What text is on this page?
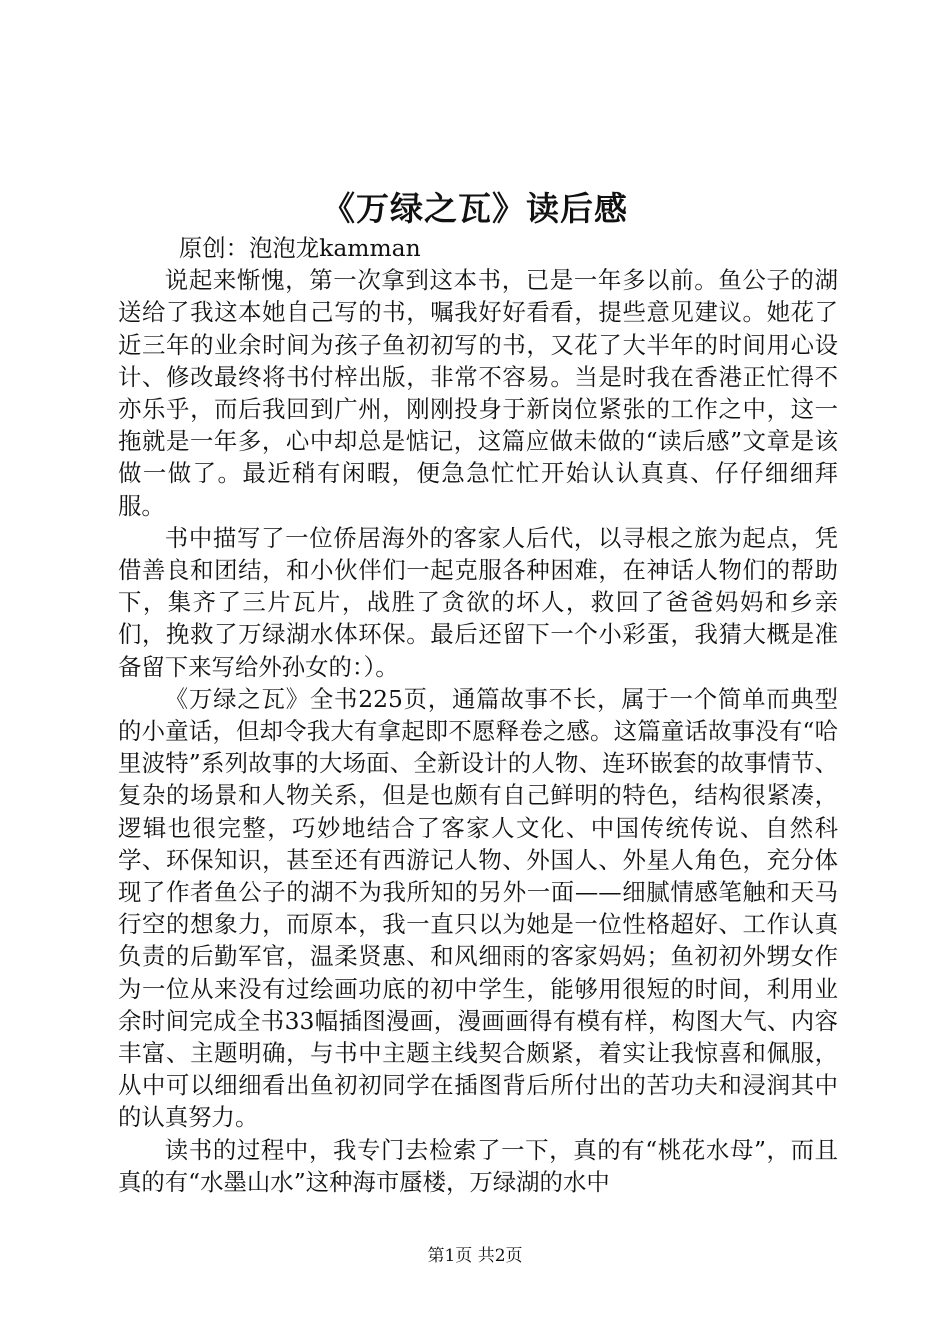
《万绿之瓦》读后感

原创：泡泡龙kamman

说起来惭愧，第一次拿到这本书，已是一年多以前。鱼公子的湖送给了我这本她自己写的书，嘱我好好看看，提些意见建议。她花了近三年的业余时间为孩子鱼初初写的书，又花了大半年的时间用心设计、修改最终将书付梓出版，非常不容易。当是时我在香港正忙得不亦乐乎，而后我回到广州，刚刚投身于新岗位紧张的工作之中，这一拖就是一年多，心中却总是惦记，这篇应做未做的“读后感”文章是该做一做了。最近稍有闲暇，便急急忙忙开始认认真真、仔仔细细拜服。

书中描写了一位侨居海外的客家人后代，以寻根之旅为起点，凭借善良和团结，和小伙伴们一起克服各种困难，在神话人物们的帮助下，集齐了三片瓦片，战胜了贪欲的坏人，救回了爸爸妈妈和乡亲们，挽救了万绿湖水体环保。最后还留下一个小彩蛋，我猜大概是准备留下来写给外孙女的：）。

《万绿之瓦》全书225页，通篇故事不长，属于一个简单而典型的小童话，但却令我大有拿起即不愿释卷之感。这篇童话故事没有“哈里波特”系列故事的大场面、全新设计的人物、连环嵌套的故事情节、复杂的场景和人物关系，但是也颇有自己鲜明的特色，结构很紧凑，逻辑也很完整，巧妙地结合了客家人文化、中国传统传说、自然科学、环保知识，甚至还有西游记人物、外国人、外星人角色，充分体现了作者鱼公子的湖不为我所知的另外一面——细腻情感笔触和天马行空的想象力，而原本，我一直只以为她是一位性格超好、工作认真负责的后勤军官，温柔贤惠、和风细雨的客家妈妈；鱼初初外甥女作为一位从来没有过绘画功底的初中学生，能够用很短的时间，利用业余时间完成全书33幅插图漫画，漫画画得有模有样，构图大气、内容丰富、主题明确，与书中主题主线契合颇紧，着实让我惊喜和佩服，从中可以细细看出鱼初初同学在插图背后所付出的苦功夫和浸润其中的认真努力。

读书的过程中，我专门去检索了一下，真的有“桃花水母”，而且真的有“水墨山水”这种海市蜃楼，万绿湖的水中

第1页 共2页
